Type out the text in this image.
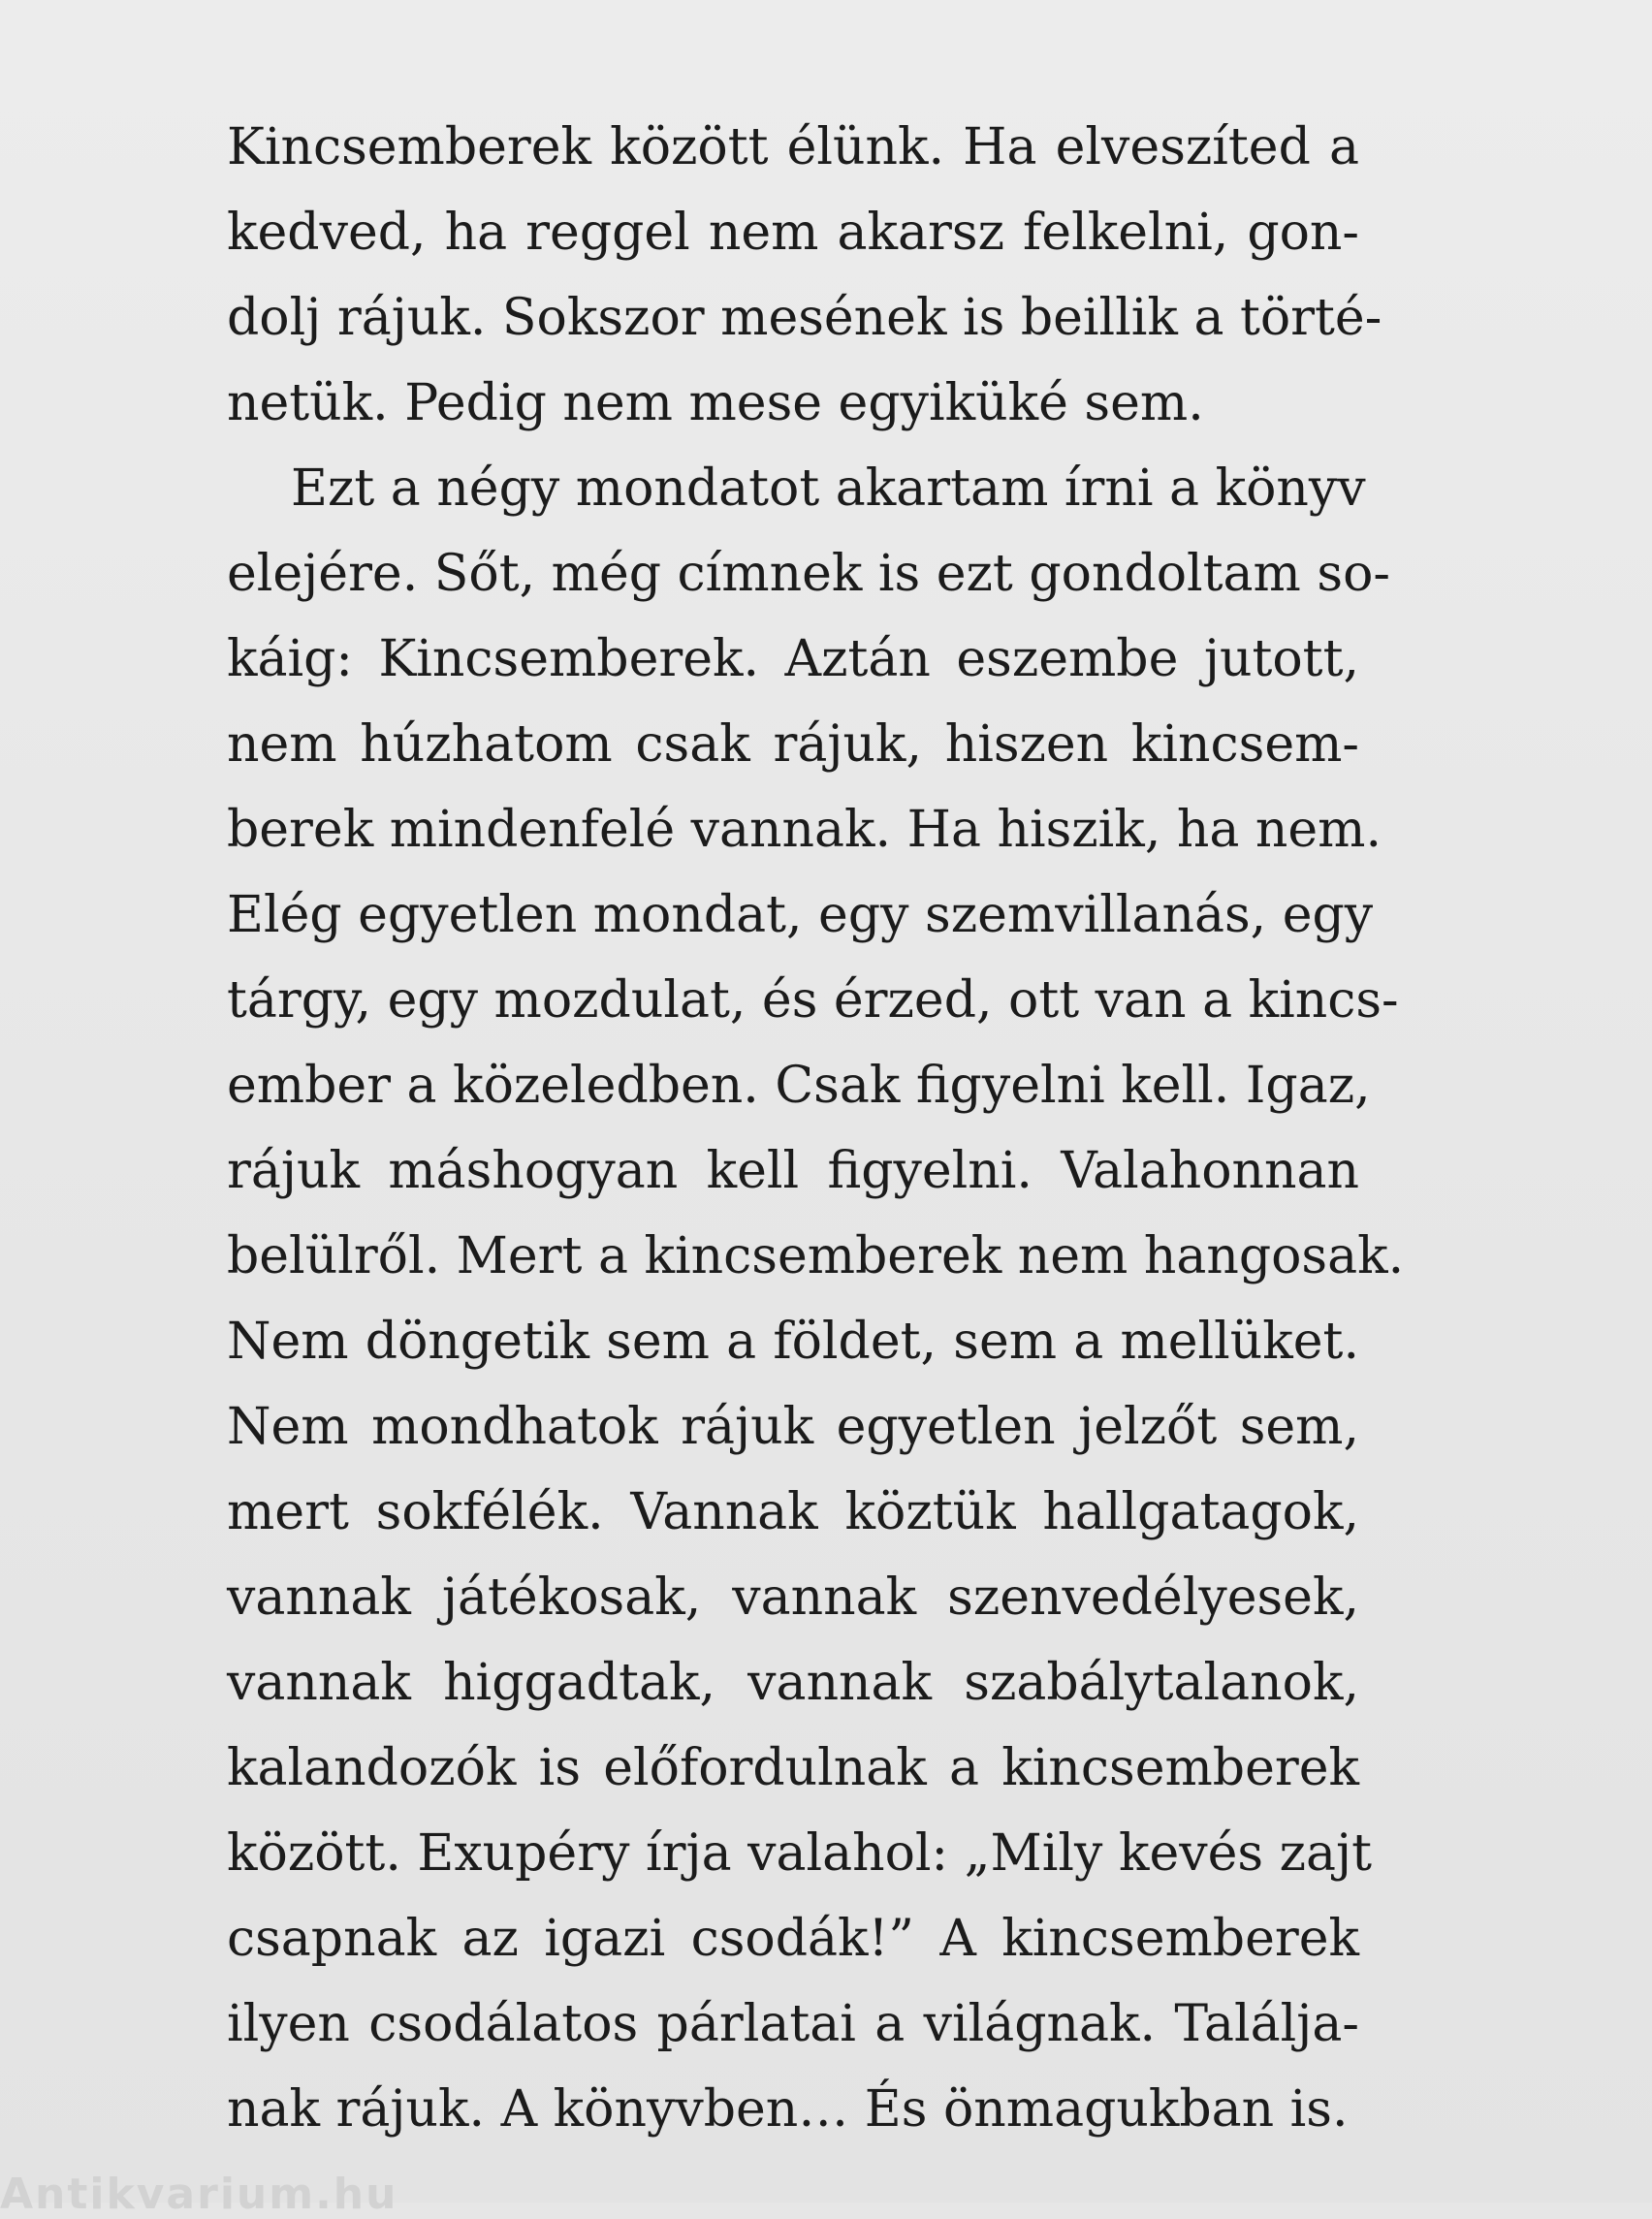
Kincsemberek között élünk. Ha elveszíted a
kedved, ha reggel nem akarsz felkelni, gon-
dolj rájuk. Sokszor mesének is beillik a törté-
netük. Pedig nem mese egyiküké sem.
Ezt a négy mondatot akartam írni a könyv
elejére. Sőt, még címnek is ezt gondoltam so-
káig: Kincsemberek. Aztán eszembe jutott,
nem húzhatom csak rájuk, hiszen kincsem-
berek mindenfelé vannak. Ha hiszik, ha nem.
Elég egyetlen mondat, egy szemvillanás, egy
tárgy, egy mozdulat, és érzed, ott van a kincs-
ember a közeledben. Csak figyelni kell. Igaz,
rájuk máshogyan kell figyelni. Valahonnan
belülről. Mert a kincsemberek nem hangosak.
Nem döngetik sem a földet, sem a mellüket.
Nem mondhatok rájuk egyetlen jelzőt sem,
mert sokfélék. Vannak köztük hallgatagok,
vannak játékosak, vannak szenvedélyesek,
vannak higgadtak, vannak szabálytalanok,
kalandozók is előfordulnak a kincsemberek
között. Exupéry írja valahol: „Mily kevés zajt
csapnak az igazi csodák!” A kincsemberek
ilyen csodálatos párlatai a világnak. Találja-
nak rájuk. A könyvben… És önmagukban is.
Antikvarium.hu
